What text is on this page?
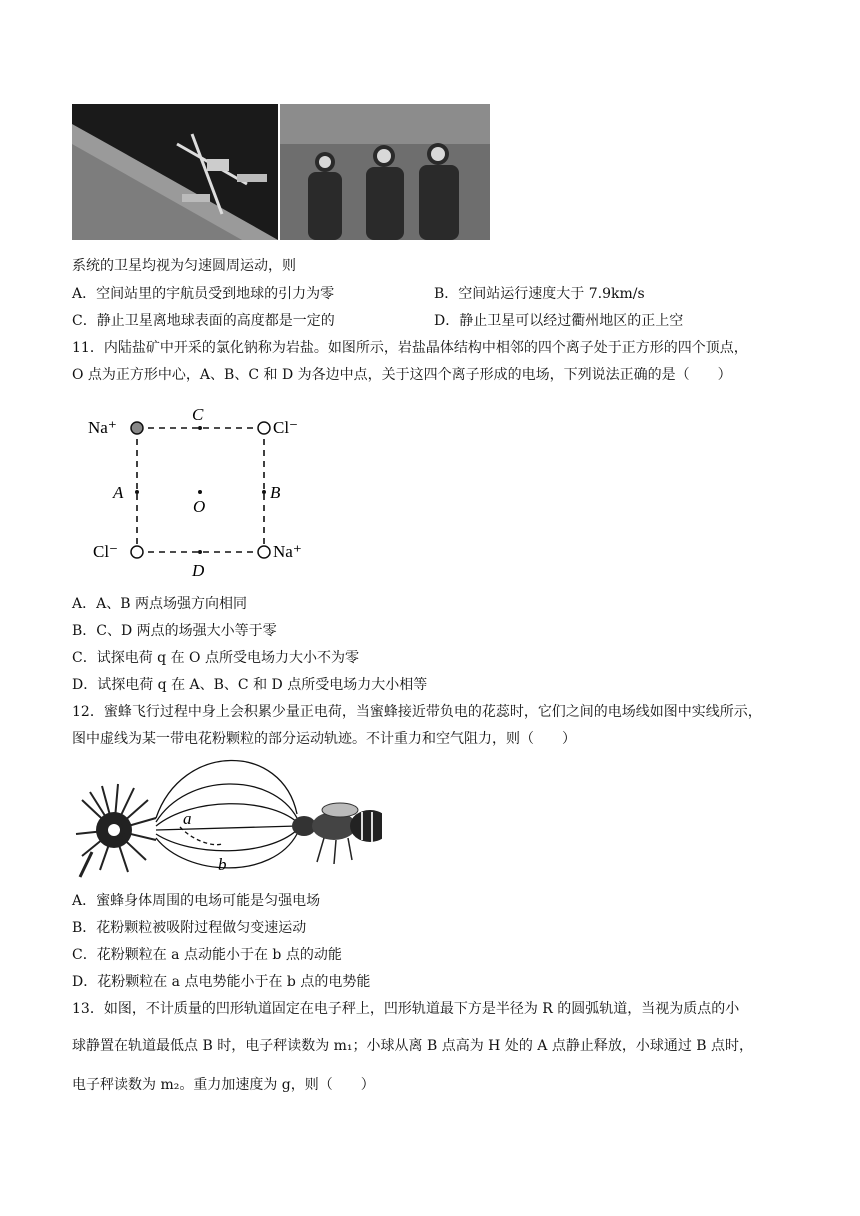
系统的卫星均视为匀速圆周运动，则
A．空间站里的宇航员受到地球的引力为零	B．空间站运行速度大于 7.9km/s
C．静止卫星离地球表面的高度都是一定的	D．静止卫星可以经过衢州地区的正上空
11．内陆盐矿中开采的氯化钠称为岩盐。如图所示，岩盐晶体结构中相邻的四个离子处于正方形的四个顶点，
O 点为正方形中心，A、B、C 和 D 为各边中点，关于这四个离子形成的电场，下列说法正确的是（　　）
Na⁺	Cl⁻
Cl⁻	Na⁺
C
D
A	B
O
A．A、B 两点场强方向相同
B．C、D 两点的场强大小等于零
C．试探电荷 q 在 O 点所受电场力大小不为零
D．试探电荷 q 在 A、B、C 和 D 点所受电场力大小相等
12．蜜蜂飞行过程中身上会积累少量正电荷，当蜜蜂接近带负电的花蕊时，它们之间的电场线如图中实线所示，
图中虚线为某一带电花粉颗粒的部分运动轨迹。不计重力和空气阻力，则（　　）
a
b
A．蜜蜂身体周围的电场可能是匀强电场
B．花粉颗粒被吸附过程做匀变速运动
C．花粉颗粒在 a 点动能小于在 b 点的动能
D．花粉颗粒在 a 点电势能小于在 b 点的电势能
13．如图，不计质量的凹形轨道固定在电子秤上，凹形轨道最下方是半径为 R 的圆弧轨道，当视为质点的小
球静置在轨道最低点 B 时，电子秤读数为 m₁；小球从离 B 点高为 H 处的 A 点静止释放，小球通过 B 点时，
电子秤读数为 m₂。重力加速度为 g，则（　　）
